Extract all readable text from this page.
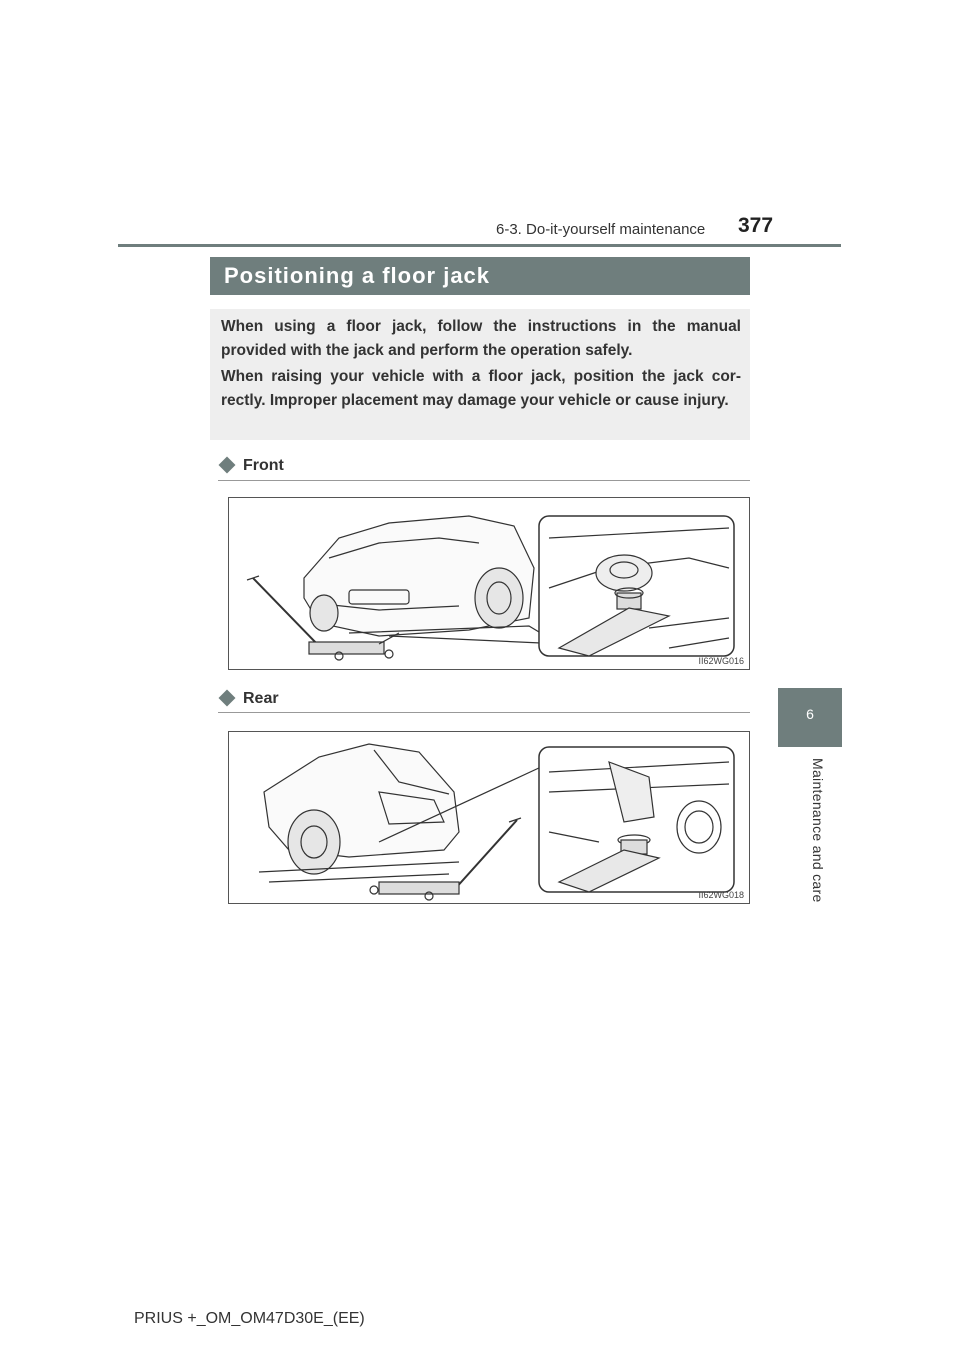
6-3. Do-it-yourself maintenance 377
Positioning a floor jack

When using a floor jack, follow the instructions in the manual provided with the jack and perform the operation safely.

When raising your vehicle with a floor jack, position the jack cor-rectly. Improper placement may damage your vehicle or cause injury.

Front
II62WG016
Rear
II62WG018
6
Maintenance and care
PRIUS +_OM_OM47D30E_(EE)
